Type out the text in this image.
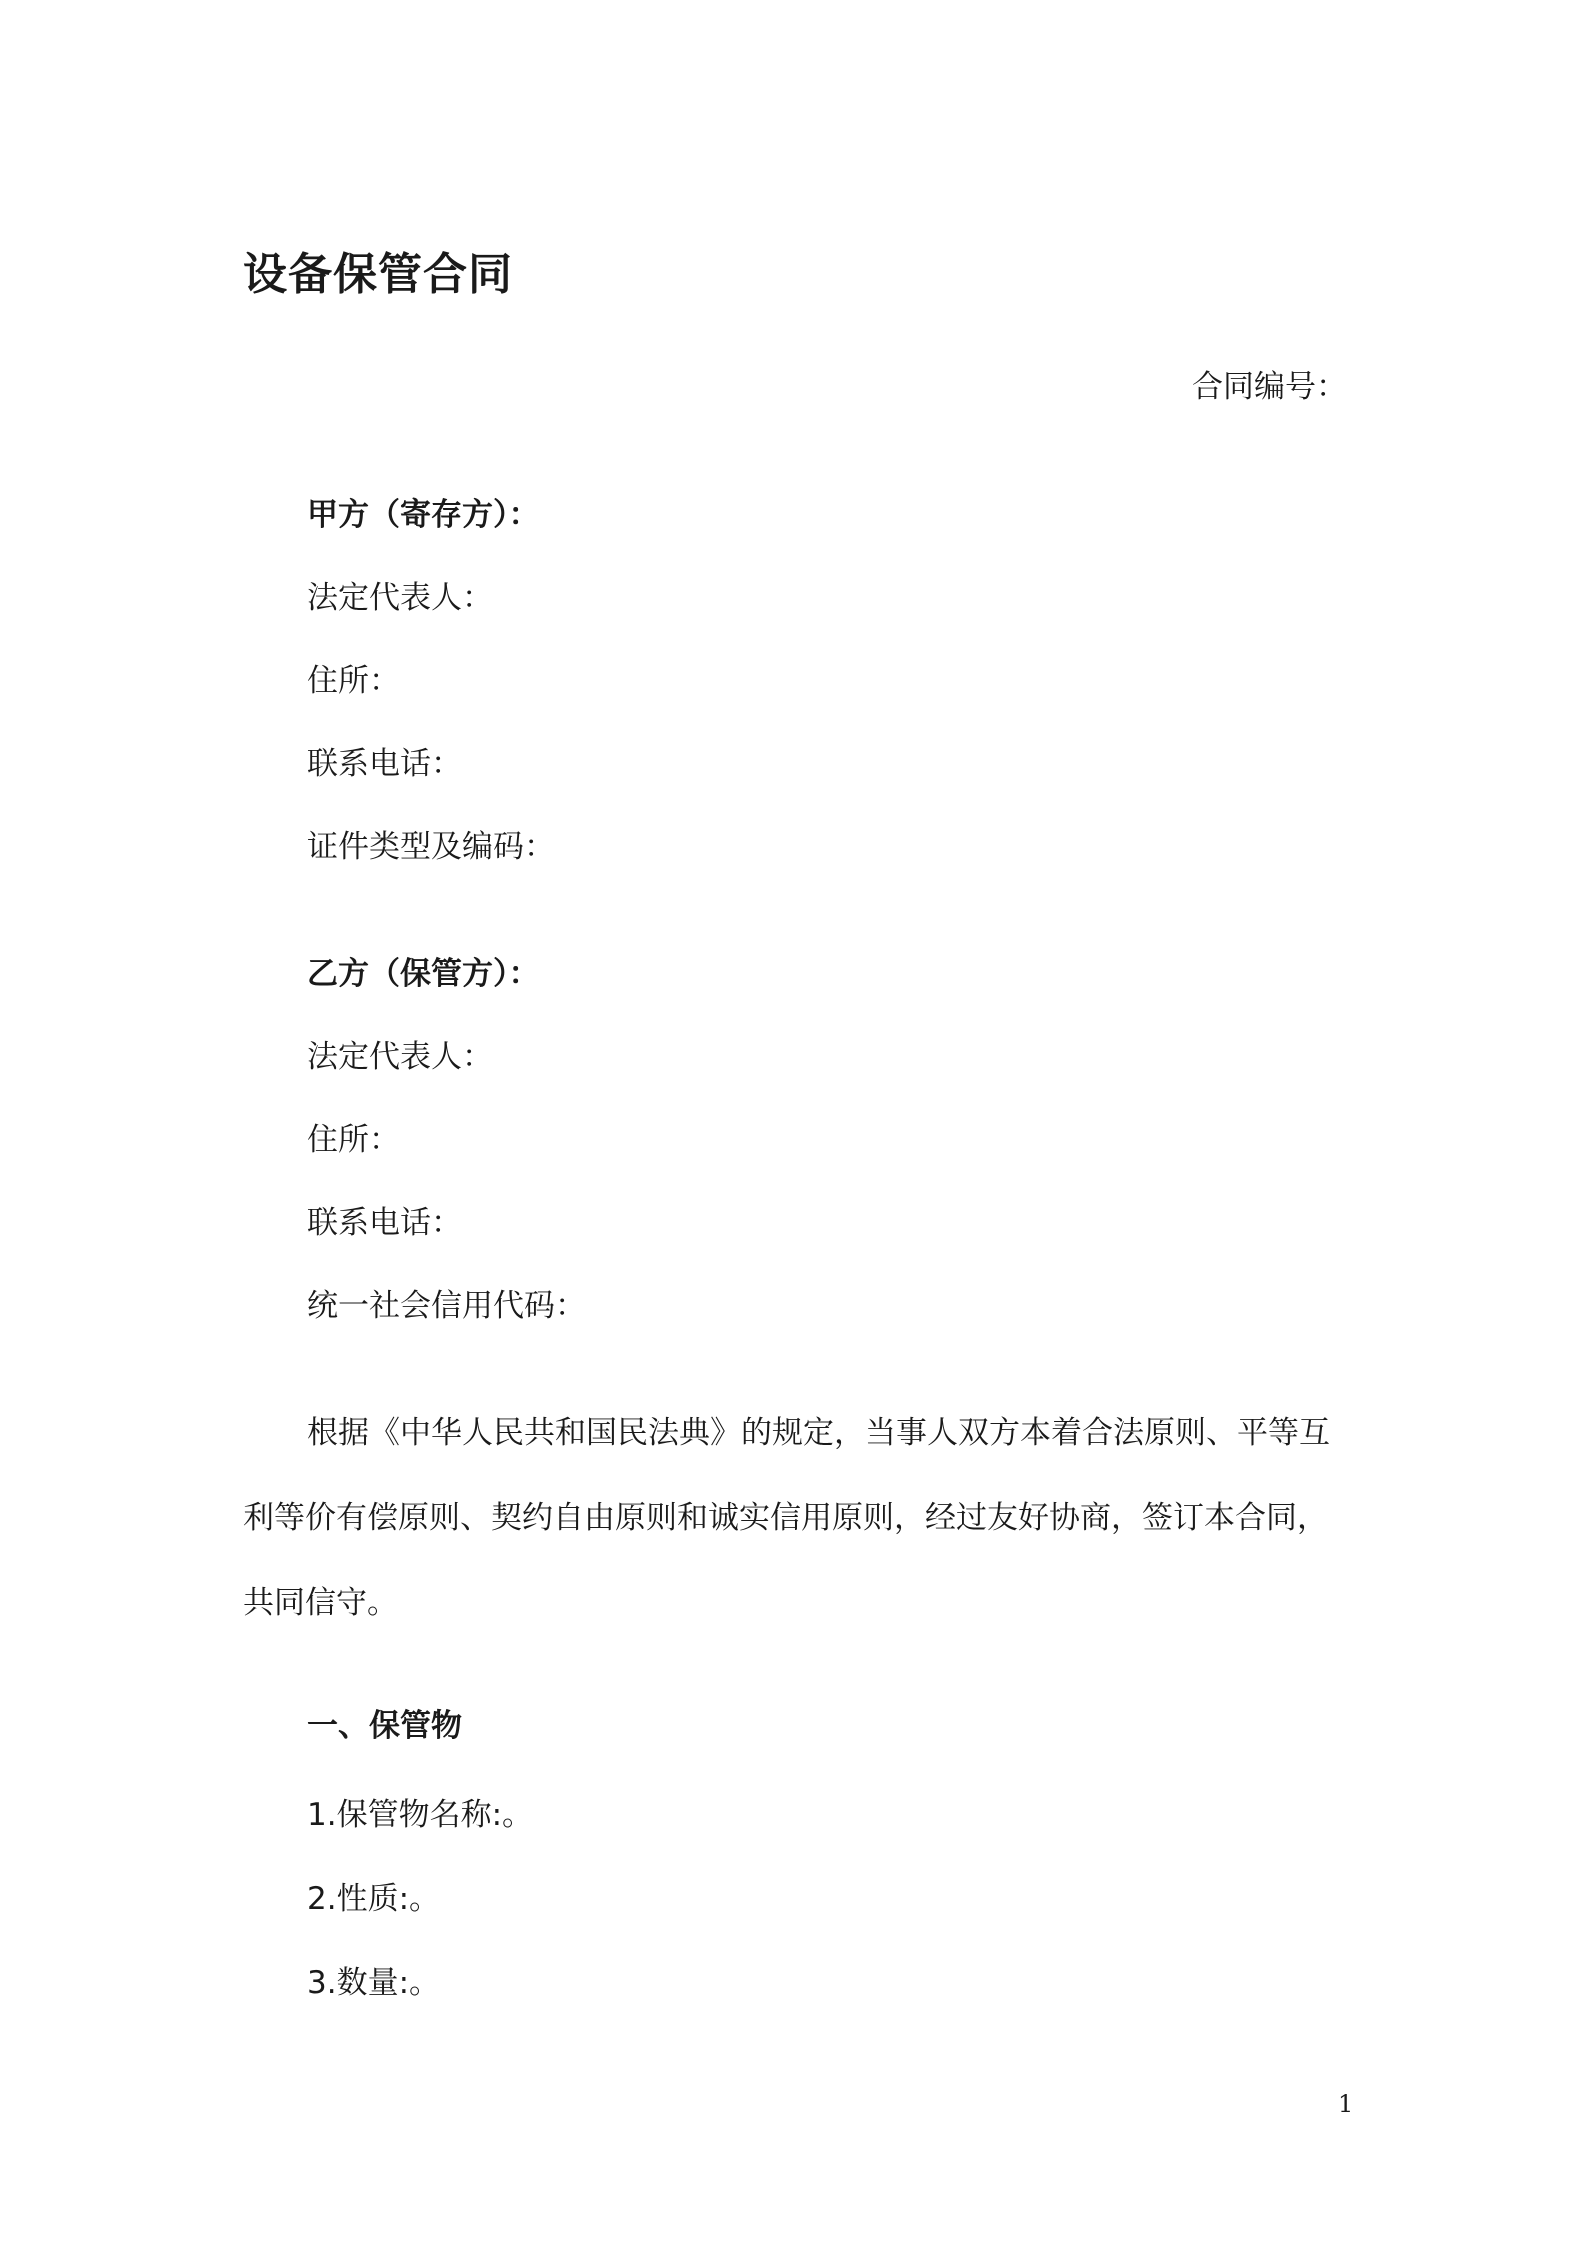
设备保管合同
合同编号：
甲方（寄存方）：
法定代表人：
住所：
联系电话：
证件类型及编码：
乙方（保管方）：
法定代表人：
住所：
联系电话：
统一社会信用代码：
根据《中华人民共和国民法典》的规定，当事人双方本着合法原则、平等互
利等价有偿原则、契约自由原则和诚实信用原则，经过友好协商，签订本合同，
共同信守。
一、保管物
1.保管物名称:。
2.性质:。
3.数量:。
1
